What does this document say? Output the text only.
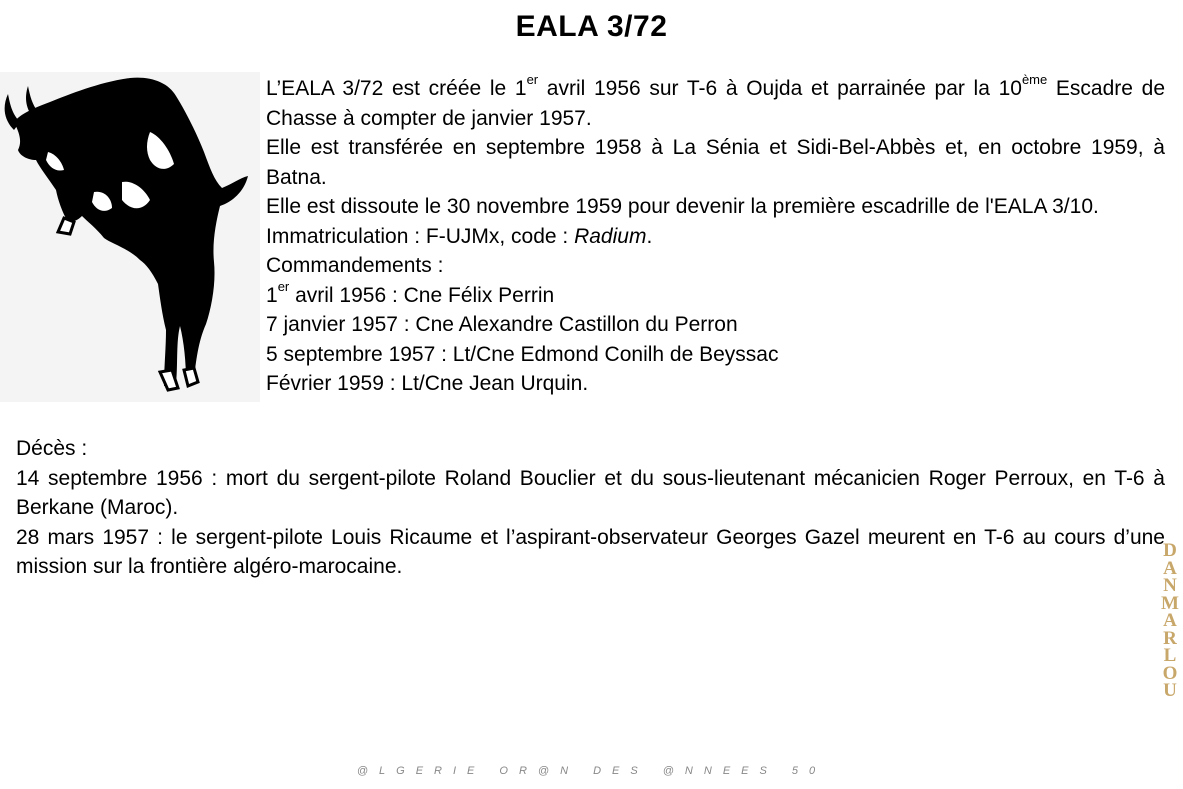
EALA 3/72

L’EALA 3/72 est créée le 1er avril 1956 sur T-6 à Oujda et parrainée par la 10ème Escadre de Chasse à compter de janvier 1957.

Elle est transférée en septembre 1958 à La Sénia et Sidi-Bel-Abbès et, en octobre 1959, à Batna.

Elle est dissoute le 30 novembre 1959 pour devenir la première escadrille de l'EALA 3/10.

Immatriculation : F-UJMx, code : Radium.

Commandements :

1er avril 1956 : Cne Félix Perrin

7 janvier 1957 : Cne Alexandre Castillon du Perron

5 septembre 1957 : Lt/Cne Edmond Conilh de Beyssac

Février 1959 : Lt/Cne Jean Urquin.

Décès :

14 septembre 1956 : mort du sergent-pilote Roland Bouclier et du sous-lieutenant mécanicien Roger Perroux, en T-6 à Berkane (Maroc).

28 mars 1957 : le sergent-pilote Louis Ricaume et l’aspirant-observateur Georges Gazel meurent en T-6 au cours d’une mission sur la frontière algéro-marocaine.

D
A
N
M
A
R
L
O
U
@LGERIE OR@N DES @NNEES 50
